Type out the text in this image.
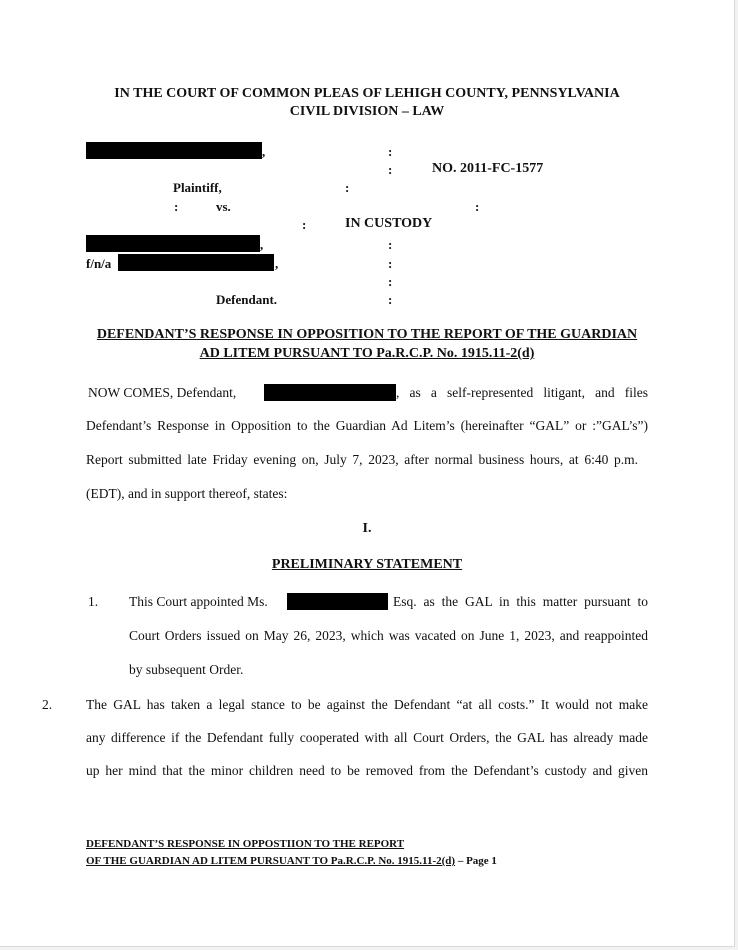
IN THE COURT OF COMMON PLEAS OF LEHIGH COUNTY, PENNSYLVANIA
CIVIL DIVISION – LAW
,	:
:	NO. 2011-FC-1577
Plaintiff,	:
:	vs.	:
:	IN CUSTODY
,	:
f/n/a	,	:
:
Defendant.	:
DEFENDANT’S RESPONSE IN OPPOSITION TO THE REPORT OF THE GUARDIAN
AD LITEM PURSUANT TO Pa.R.C.P. No. 1915.11-2(d)
NOW COMES, Defendant,	, as a self-represented litigant, and files
Defendant’s Response in Opposition to the Guardian Ad Litem’s (hereinafter “GAL” or :”GAL’s”)
Report submitted late Friday evening on, July 7, 2023, after normal business hours, at 6:40 p.m.
(EDT), and in support thereof, states:
I.
PRELIMINARY STATEMENT
1. This Court appointed Ms.	Esq. as the GAL in this matter pursuant to
Court Orders issued on May 26, 2023, which was vacated on June 1, 2023, and reappointed
by subsequent Order.
2.	The GAL has taken a legal stance to be against the Defendant “at all costs.” It would not make
any difference if the Defendant fully cooperated with all Court Orders, the GAL has already made
up her mind that the minor children need to be removed from the Defendant’s custody and given
DEFENDANT’S RESPONSE IN OPPOSTIION TO THE REPORT
OF THE GUARDIAN AD LITEM PURSUANT TO Pa.R.C.P. No. 1915.11-2(d) – Page 1
